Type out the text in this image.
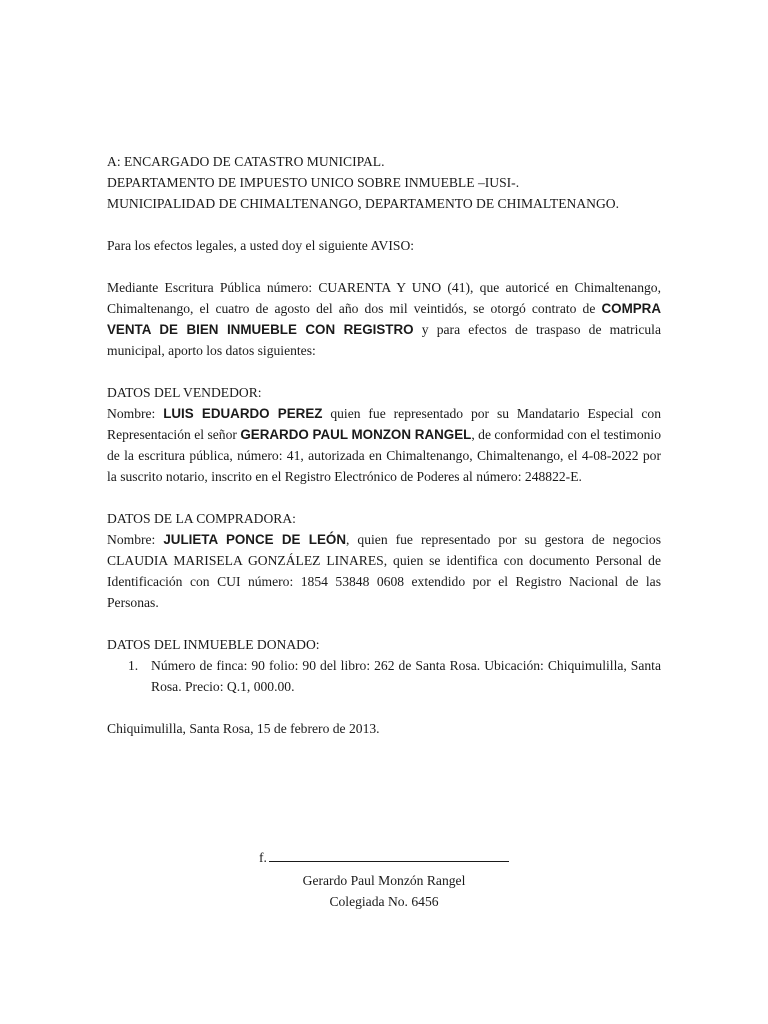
A: ENCARGADO DE CATASTRO MUNICIPAL.

DEPARTAMENTO DE IMPUESTO UNICO SOBRE INMUEBLE –IUSI-.

MUNICIPALIDAD DE CHIMALTENANGO, DEPARTAMENTO DE CHIMALTENANGO.

Para los efectos legales, a usted doy el siguiente AVISO:

Mediante Escritura Pública número: CUARENTA Y UNO (41), que autoricé en Chimaltenango, Chimaltenango, el cuatro de agosto del año dos mil veintidós, se otorgó contrato de COMPRA VENTA DE BIEN INMUEBLE CON REGISTRO y para efectos de traspaso de matricula municipal, aporto los datos siguientes:

DATOS DEL VENDEDOR:

Nombre: LUIS EDUARDO PEREZ quien fue representado por su Mandatario Especial con Representación el señor GERARDO PAUL MONZON RANGEL, de conformidad con el testimonio de la escritura pública, número: 41, autorizada en Chimaltenango, Chimaltenango, el 4-08-2022 por la suscrito notario, inscrito en el Registro Electrónico de Poderes al número: 248822-E.

DATOS DE LA COMPRADORA:

Nombre: JULIETA PONCE DE LEÓN, quien fue representado por su gestora de negocios CLAUDIA MARISELA GONZÁLEZ LINARES, quien se identifica con documento Personal de Identificación con CUI número: 1854 53848 0608 extendido por el Registro Nacional de las Personas.

DATOS DEL INMUEBLE DONADO:

1. Número de finca: 90 folio: 90 del libro: 262 de Santa Rosa. Ubicación: Chiquimulilla, Santa Rosa. Precio: Q.1, 000.00.

Chiquimulilla, Santa Rosa, 15 de febrero de 2013.

f.
Gerardo Paul Monzón Rangel
Colegiada No. 6456
